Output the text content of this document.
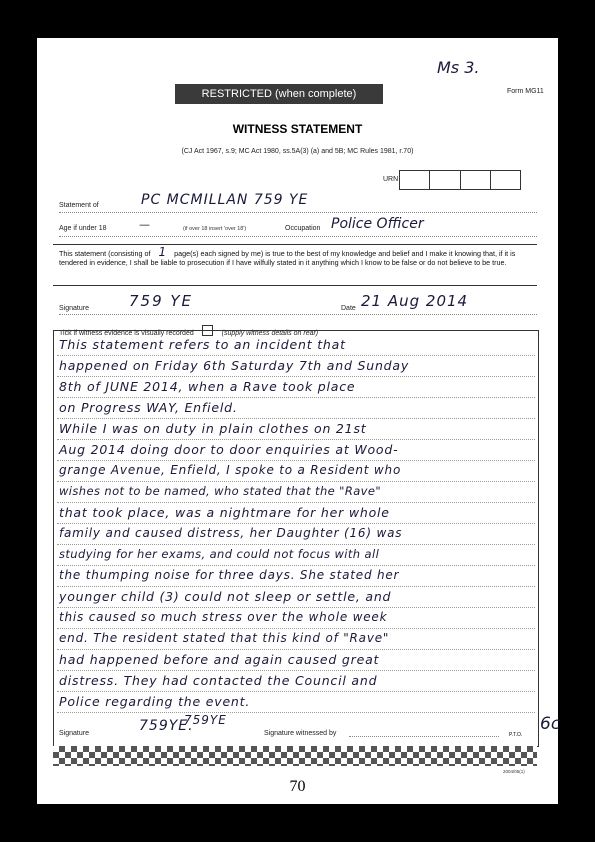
Ms 3.
RESTRICTED (when complete)	Form MG11
WITNESS STATEMENT
(CJ Act 1967, s.9; MC Act 1980, ss.5A(3) (a) and 5B; MC Rules 1981, r.70)
URN
Statement of	PC MCMILLAN 759 YE
Age if under 18	—	(if over 18 insert 'over 18')	Occupation Police Officer
This statement (consisting of 1 page(s) each signed by me) is true to the best of my knowledge and belief and I make it knowing that, if it is tendered in evidence, I shall be liable to prosecution if I have wilfully stated in it anything which I know to be false or do not believe to be true.
Signature	759 YE	Date 21 Aug 2014
Tick if witness evidence is visually recorded	(supply witness details on rear)
This statement refers to an incident that
happened on Friday 6th Saturday 7th and Sunday
8th of JUNE 2014, when a Rave took place
on Progress WAY, Enfield.
While I was on duty in plain clothes on 21st
Aug 2014 doing door to door enquiries at Wood-
grange Avenue, Enfield, I spoke to a Resident who
wishes not to be named, who stated that the "Rave"
that took place, was a nightmare for her whole
family and caused distress, her Daughter (16) was
studying for her exams, and could not focus with all
the thumping noise for three days. She stated her
younger child (3) could not sleep or settle, and
this caused so much stress over the whole week
end. The resident stated that this kind of "Rave"
had happened before and again caused great
distress. They had contacted the Council and
Police regarding the event.
759YE
Signature	759YE.	Signature witnessed by	P.T.O.
6c
2004/05(1)
70
